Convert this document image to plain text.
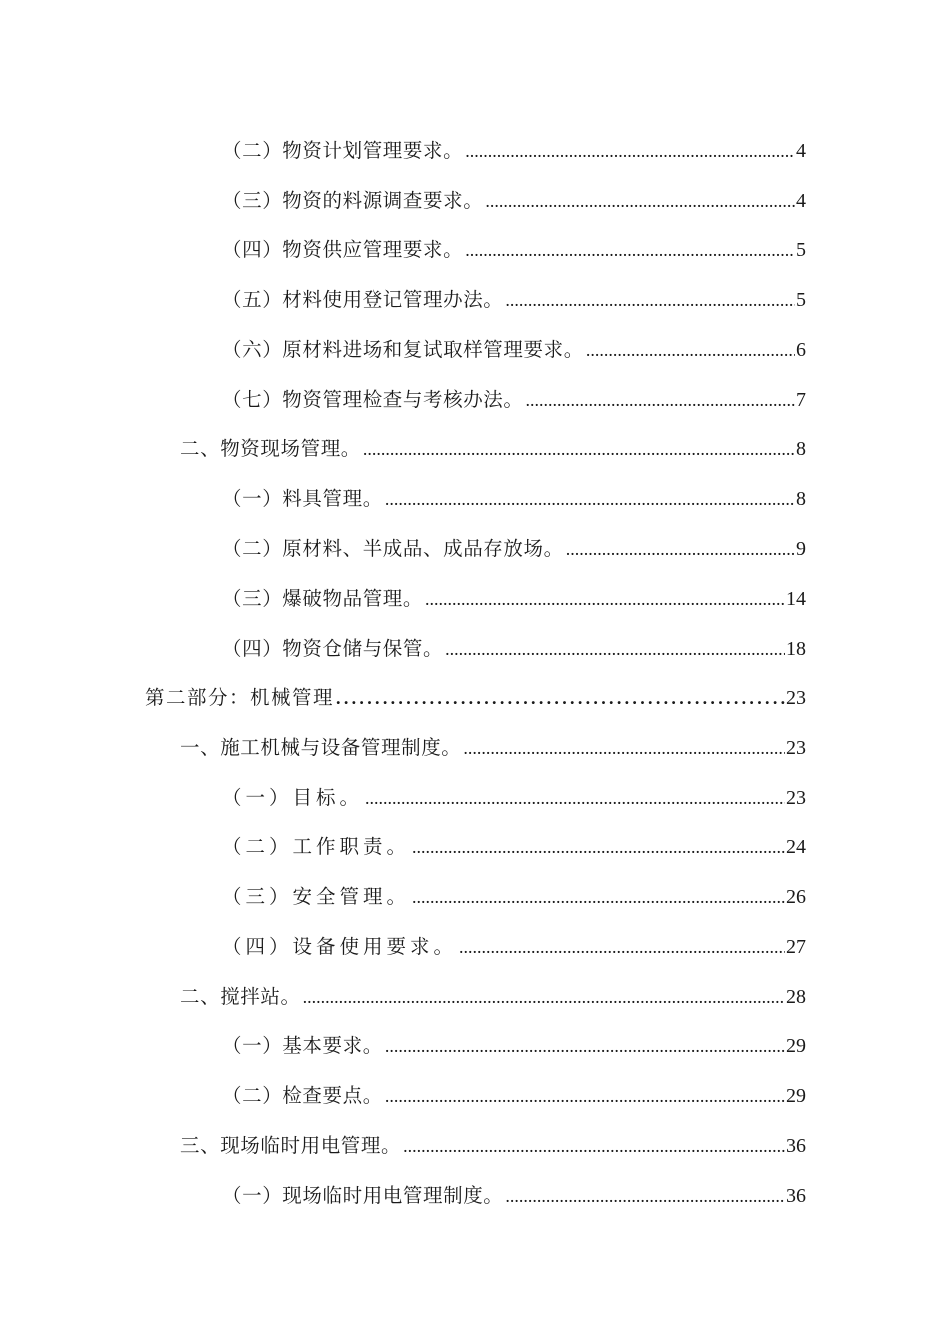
（二）物资计划管理要求。 .....	4
（三）物资的料源调查要求。 .....	4
（四）物资供应管理要求。 .....	5
（五）材料使用登记管理办法。 .....	5
（六）原材料进场和复试取样管理要求。 .....	6
（七）物资管理检查与考核办法。 .....	7
二、物资现场管理。 .....	8
（一）料具管理。 .....	8
（二）原材料、半成品、成品存放场。 .....	9
（三）爆破物品管理。 .....	14
（四）物资仓储与保管。 .....	18
第二部分：机械管理 .....	23
一、施工机械与设备管理制度。 .....	23
（一）目标。 .....	23
（二）工作职责。 .....	24
（三）安全管理。 .....	26
（四）设备使用要求。 .....	27
二、搅拌站。 .....	28
（一）基本要求。 .....	29
（二）检查要点。 .....	29
三、现场临时用电管理。 .....	36
（一）现场临时用电管理制度。 .....	36
